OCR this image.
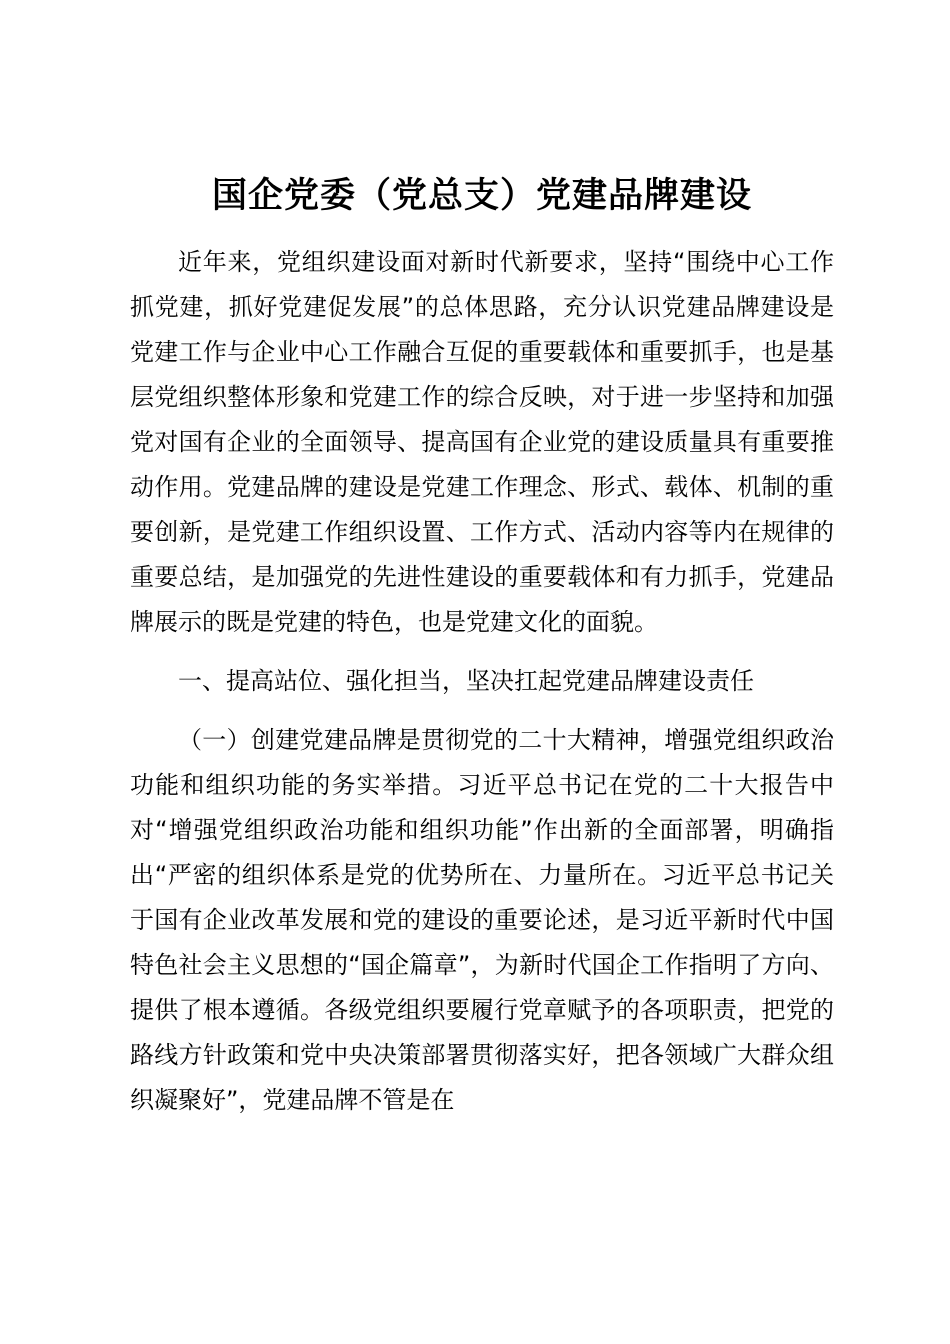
国企党委（党总支）党建品牌建设

近年来，党组织建设面对新时代新要求，坚持“围绕中心工作抓党建，抓好党建促发展”的总体思路，充分认识党建品牌建设是党建工作与企业中心工作融合互促的重要载体和重要抓手，也是基层党组织整体形象和党建工作的综合反映，对于进一步坚持和加强党对国有企业的全面领导、提高国有企业党的建设质量具有重要推动作用。党建品牌的建设是党建工作理念、形式、载体、机制的重要创新，是党建工作组织设置、工作方式、活动内容等内在规律的重要总结，是加强党的先进性建设的重要载体和有力抓手，党建品牌展示的既是党建的特色，也是党建文化的面貌。

一、提高站位、强化担当，坚决扛起党建品牌建设责任

（一）创建党建品牌是贯彻党的二十大精神，增强党组织政治功能和组织功能的务实举措。习近平总书记在党的二十大报告中对“增强党组织政治功能和组织功能”作出新的全面部署，明确指出“严密的组织体系是党的优势所在、力量所在。习近平总书记关于国有企业改革发展和党的建设的重要论述，是习近平新时代中国特色社会主义思想的“国企篇章”，为新时代国企工作指明了方向、提供了根本遵循。各级党组织要履行党章赋予的各项职责，把党的路线方针政策和党中央决策部署贯彻落实好，把各领域广大群众组织凝聚好”，党建品牌不管是在
